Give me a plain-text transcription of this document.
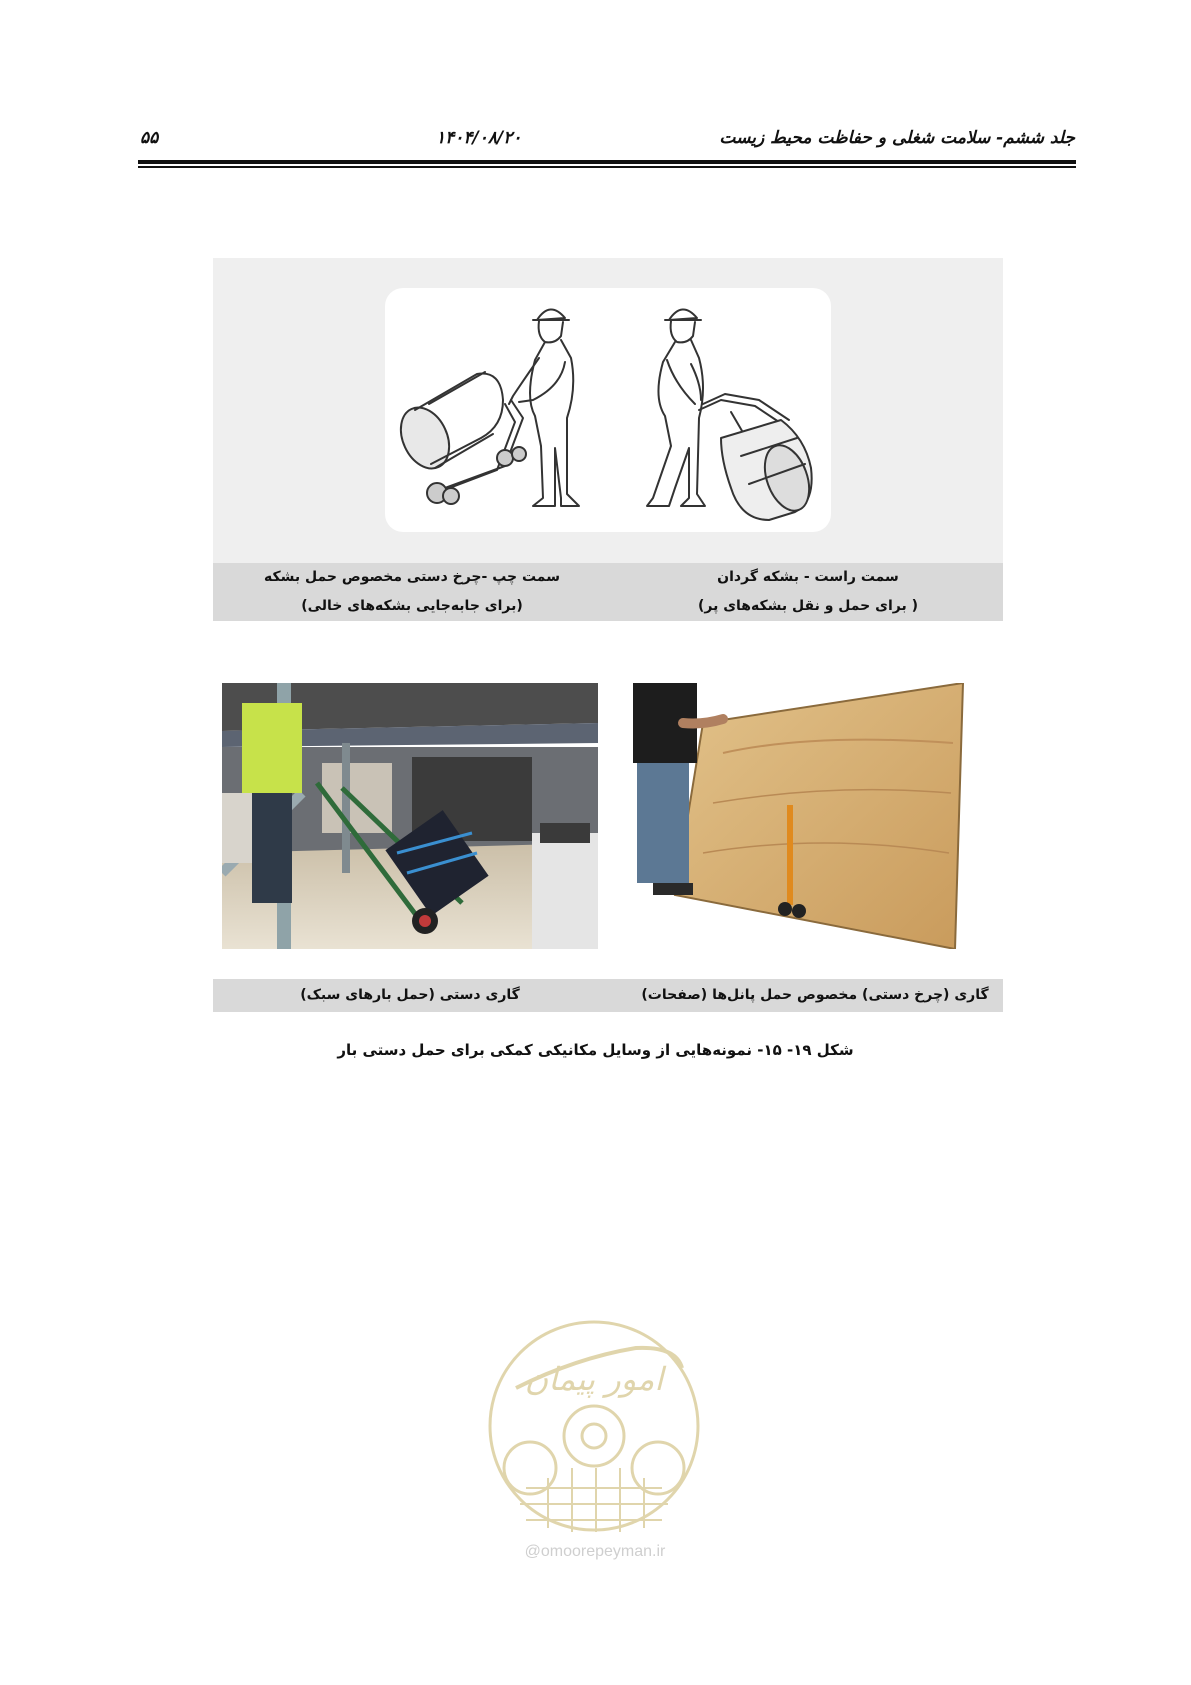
جلد ششم- سلامت شغلی و حفاظت محیط زیست
۱۴۰۴/۰۸/۲۰
۵۵
سمت چپ -چرخ دستی مخصوص حمل بشکه
(برای جابه‌جایی بشکه‌های خالی)
سمت راست - بشکه گردان
( برای حمل و نقل بشکه‌های پر)
گاری دستی (حمل بارهای سبک)	گاری (چرخ دستی) مخصوص حمل پانل‌ها (صفحات)
شکل ۱۹- ۱۵- نمونه‌هایی از وسایل مکانیکی کمکی برای حمل دستی بار
امور پیمان
@omoorepeyman.ir
